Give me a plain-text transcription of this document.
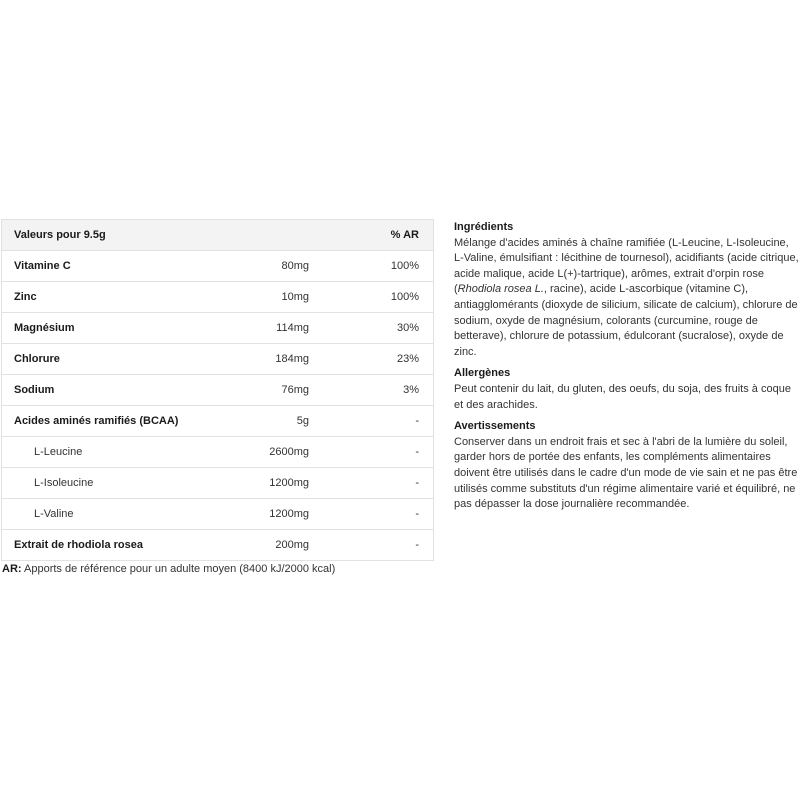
Valeurs pour 9.5g		% AR
Vitamine C	80mg	100%
Zinc	10mg	100%
Magnésium	114mg	30%
Chlorure	184mg	23%
Sodium	76mg	3%
Acides aminés ramifiés (BCAA)	5g	-
L-Leucine	2600mg	-
L-Isoleucine	1200mg	-
L-Valine	1200mg	-
Extrait de rhodiola rosea	200mg	-
AR: Apports de référence pour un adulte moyen (8400 kJ/2000 kcal)
Ingrédients

Mélange d'acides aminés à chaîne ramifiée (L-Leucine, L-Isoleucine, L-Valine, émulsifiant : lécithine de tournesol), acidifiants (acide citrique, acide malique, acide L(+)-tartrique), arômes, extrait d'orpin rose (Rhodiola rosea L., racine), acide L-ascorbique (vitamine C), antiagglomérants (dioxyde de silicium, silicate de calcium), chlorure de sodium, oxyde de magnésium, colorants (curcumine, rouge de betterave), chlorure de potassium, édulcorant (sucralose), oxyde de zinc.

Allergènes

Peut contenir du lait, du gluten, des oeufs, du soja, des fruits à coque et des arachides.

Avertissements

Conserver dans un endroit frais et sec à l'abri de la lumière du soleil, garder hors de portée des enfants, les compléments alimentaires doivent être utilisés dans le cadre d'un mode de vie sain et ne pas être utilisés comme substituts d'un régime alimentaire varié et équilibré, ne pas dépasser la dose journalière recommandée.
